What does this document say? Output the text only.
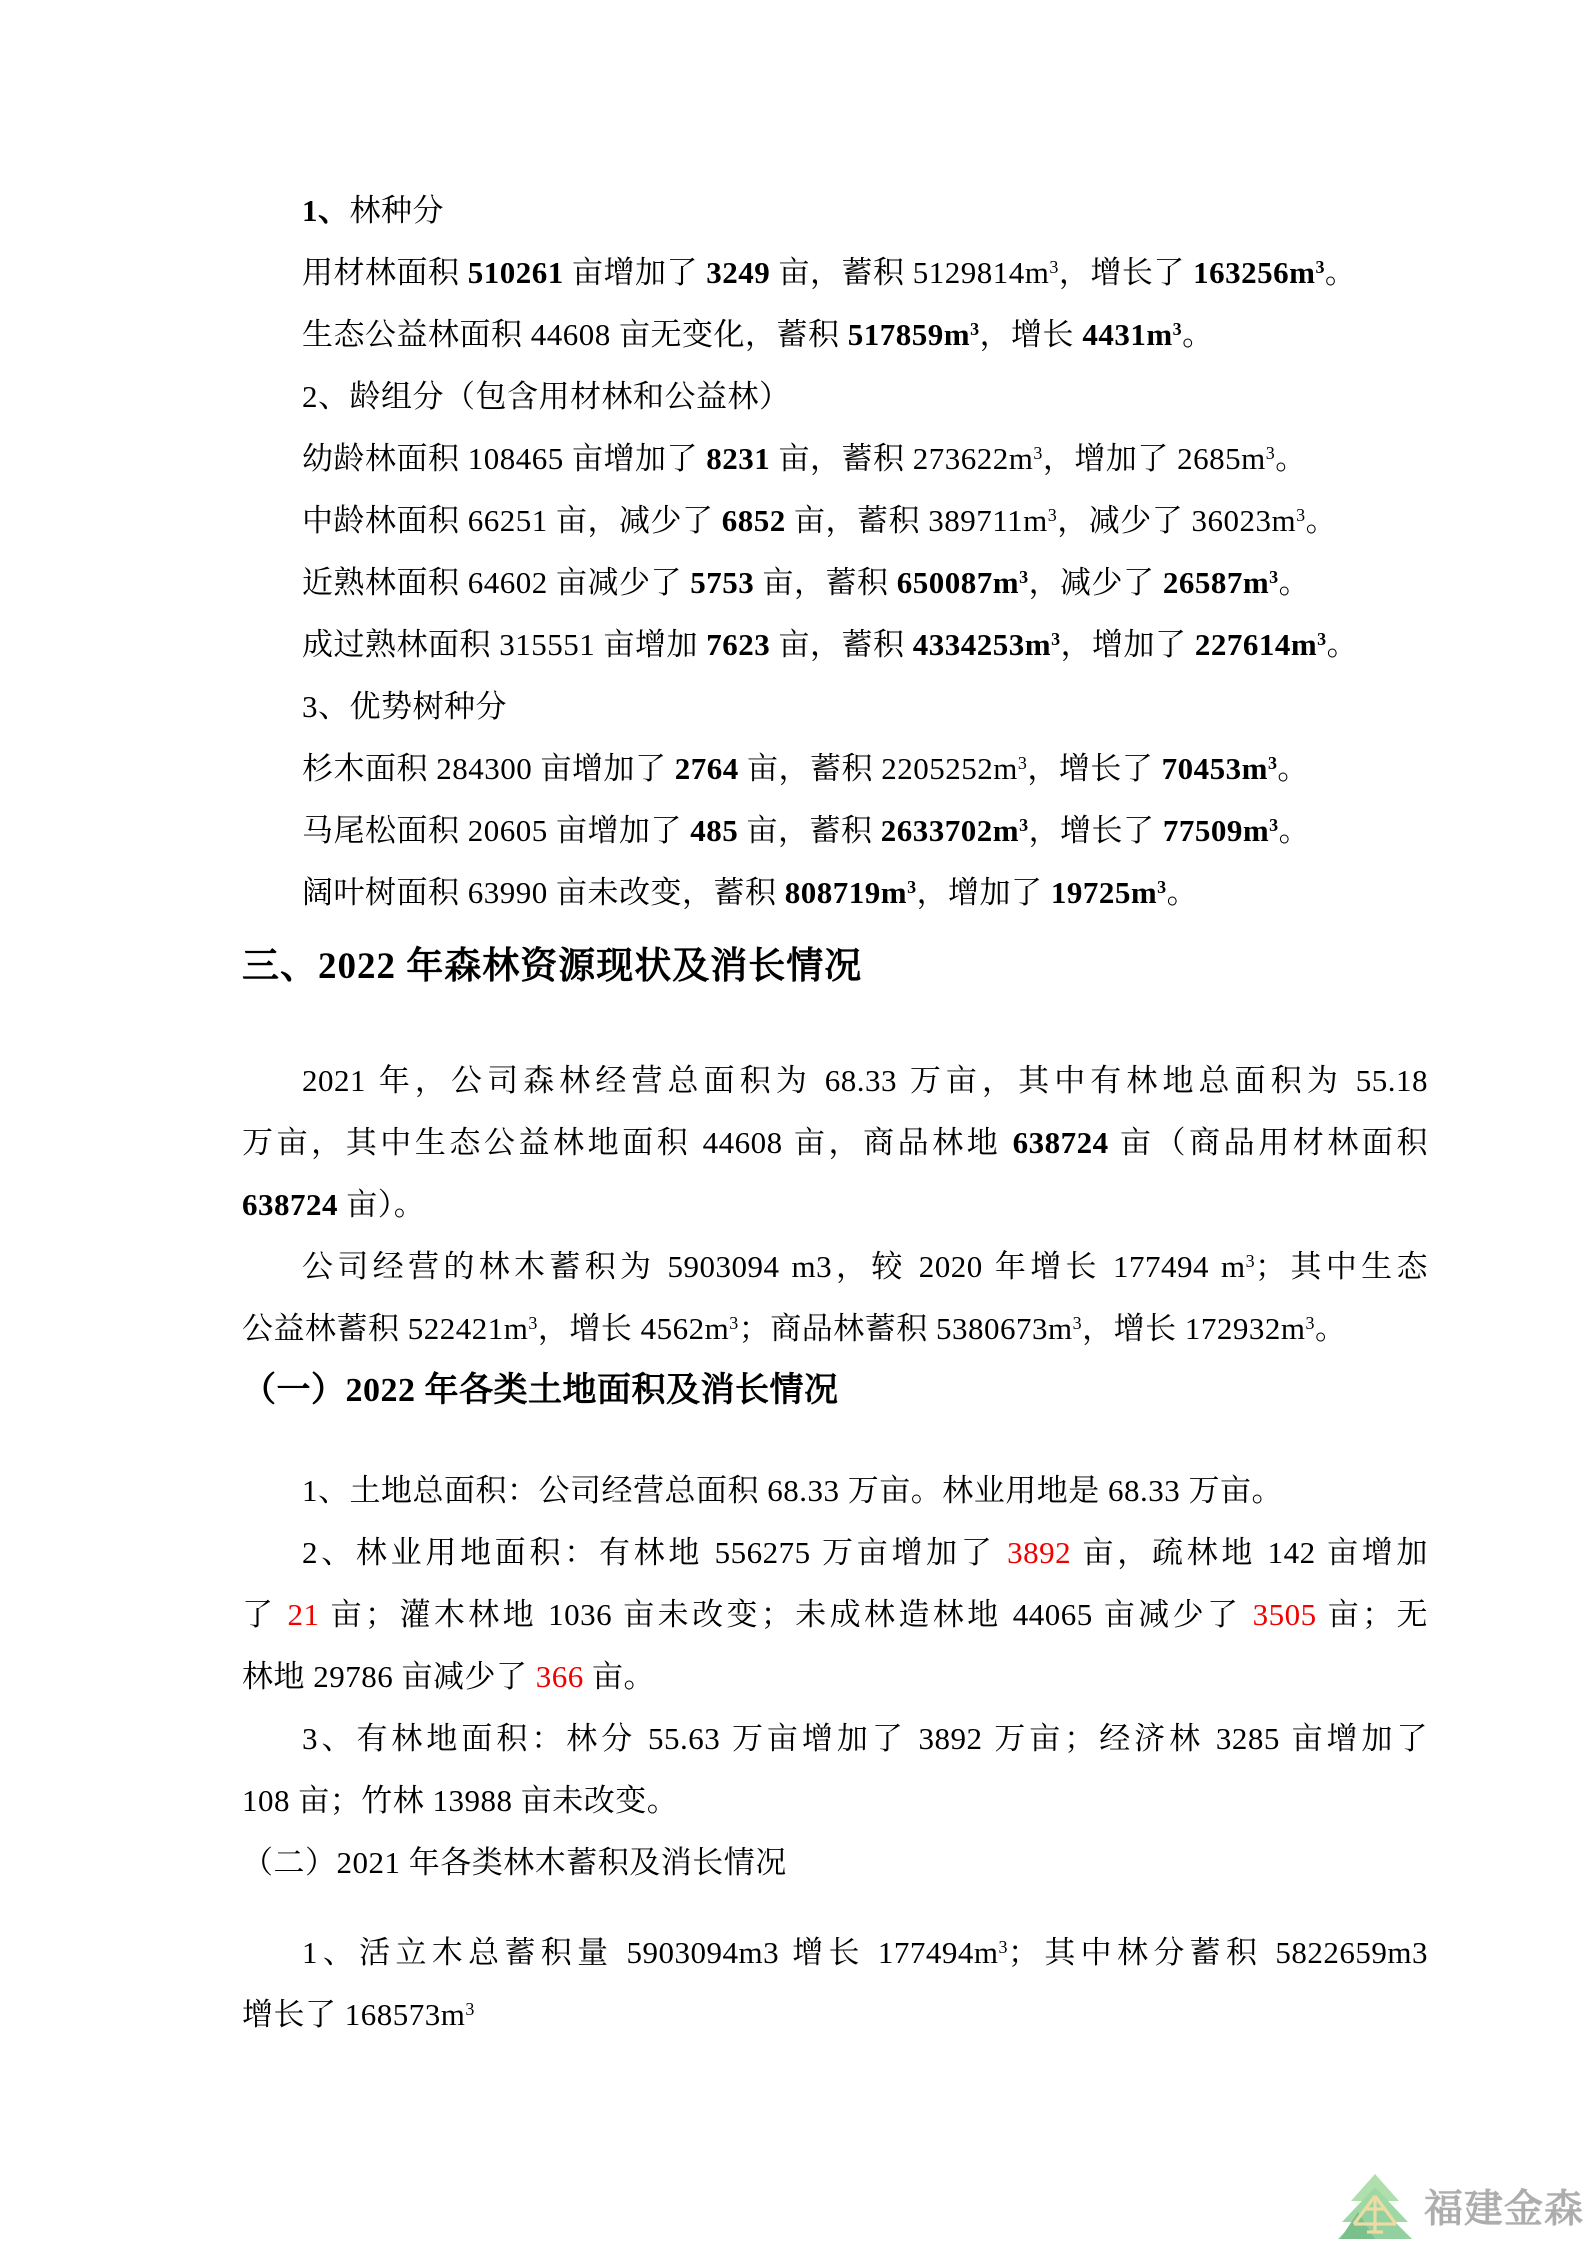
1、林种分
用材林面积 510261 亩增加了 3249 亩，蓄积 $5129814m^3$，增长了 $163256m^3$。
生态公益林面积 44608 亩无变化，蓄积 $517859m^3$，增长 $4431m^3$。
2、龄组分（包含用材林和公益林）
幼龄林面积 108465 亩增加了 8231 亩，蓄积 $273622m^3$，增加了 $2685m^3$。
中龄林面积 66251 亩，减少了 6852 亩，蓄积 $389711m^3$，减少了 $36023m^3$。
近熟林面积 64602 亩减少了 5753 亩，蓄积 $650087m^3$，减少了 $26587m^3$。
成过熟林面积 315551 亩增加 7623 亩，蓄积 $4334253m^3$，增加了 $227614m^3$。
3、优势树种分
杉木面积 284300 亩增加了 2764 亩，蓄积 $2205252m^3$，增长了 $70453m^3$。
马尾松面积 20605 亩增加了 485 亩，蓄积 $2633702m^3$，增长了 $77509m^3$。
阔叶树面积 63990 亩未改变，蓄积 $808719m^3$，增加了 $19725m^3$。
三、2022 年森林资源现状及消长情况
2021 年，公司森林经营总面积为 68.33 万亩，其中有林地总面积为 55.18
万亩，其中生态公益林地面积 44608 亩，商品林地 638724 亩（商品用材林面积
638724 亩）。
公司经营的林木蓄积为 5903094 m3，较 2020 年增长 177494 $m^3$；其中生态
公益林蓄积 $522421m^3$，增长 $4562m^3$；商品林蓄积 $5380673m^3$，增长 $172932m^3$。
（一）2022 年各类土地面积及消长情况
1、土地总面积：公司经营总面积 68.33 万亩。林业用地是 68.33 万亩。
2、林业用地面积：有林地 556275 万亩增加了 3892 亩，疏林地 142 亩增加
了 21 亩；灌木林地 1036 亩未改变；未成林造林地 44065 亩减少了 3505 亩；无
林地 29786 亩减少了 366 亩。
3、有林地面积：林分 55.63 万亩增加了 3892 万亩；经济林 3285 亩增加了
108 亩；竹林 13988 亩未改变。
（二）2021 年各类林木蓄积及消长情况
1、活立木总蓄积量 5903094m3 增长 $177494m^3$；其中林分蓄积 5822659m3
增长了 $168573m^3$
福建金森
